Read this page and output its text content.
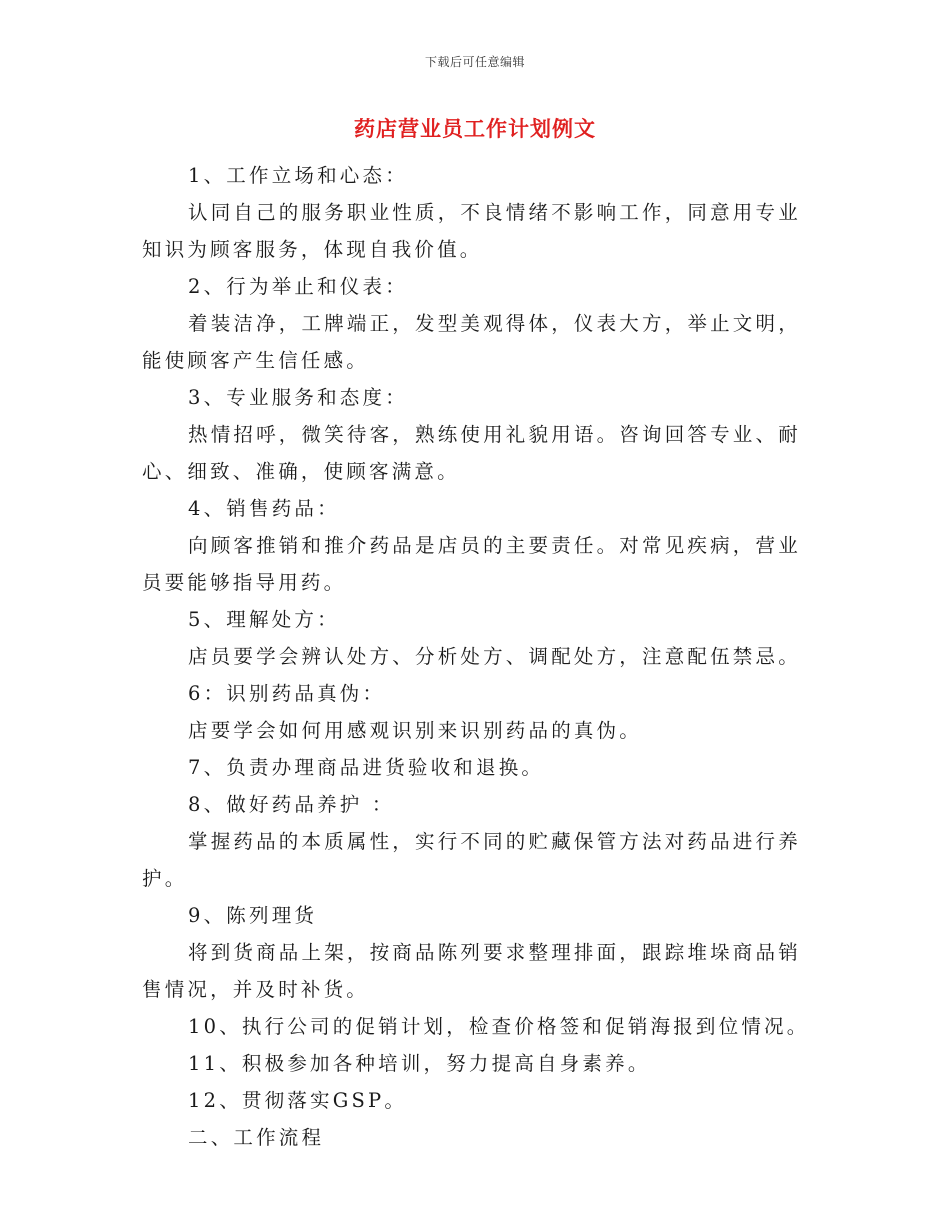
下载后可任意编辑
药店营业员工作计划例文

1、工作立场和心态：

认同自己的服务职业性质，不良情绪不影响工作，同意用专业知识为顾客服务，体现自我价值。

2、行为举止和仪表：

着装洁净，工牌端正，发型美观得体，仪表大方，举止文明，能使顾客产生信任感。

3、专业服务和态度：

热情招呼，微笑待客，熟练使用礼貌用语。咨询回答专业、耐心、细致、准确，使顾客满意。

4、销售药品：

向顾客推销和推介药品是店员的主要责任。对常见疾病，营业员要能够指导用药。

5、理解处方：

店员要学会辨认处方、分析处方、调配处方，注意配伍禁忌。

6：识别药品真伪：

店要学会如何用感观识别来识别药品的真伪。

7、负责办理商品进货验收和退换。

8、做好药品养护 ：

掌握药品的本质属性，实行不同的贮藏保管方法对药品进行养护。

9、陈列理货

将到货商品上架，按商品陈列要求整理排面，跟踪堆垛商品销售情况，并及时补货。

10、执行公司的促销计划，检查价格签和促销海报到位情况。

11、积极参加各种培训，努力提高自身素养。

12、贯彻落实GSP。

二、工作流程
